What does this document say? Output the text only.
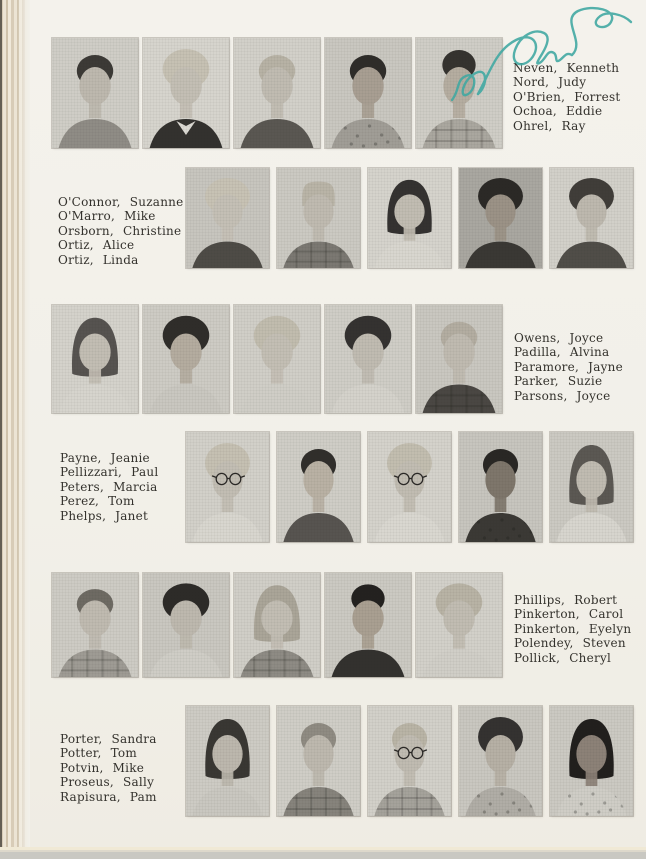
Neven, Kenneth
Nord, Judy
O'Brien, Forrest
Ochoa, Eddie
Ohrel, Ray
O'Connor, Suzanne
O'Marro, Mike
Orsborn, Christine
Ortiz, Alice
Ortiz, Linda
Owens, Joyce
Padilla, Alvina
Paramore, Jayne
Parker, Suzie
Parsons, Joyce
Payne, Jeanie
Pellizzari, Paul
Peters, Marcia
Perez, Tom
Phelps, Janet
Phillips, Robert
Pinkerton, Carol
Pinkerton, Eyelyn
Polendey, Steven
Pollick, Cheryl
Porter, Sandra
Potter, Tom
Potvin, Mike
Proseus, Sally
Rapisura, Pam
